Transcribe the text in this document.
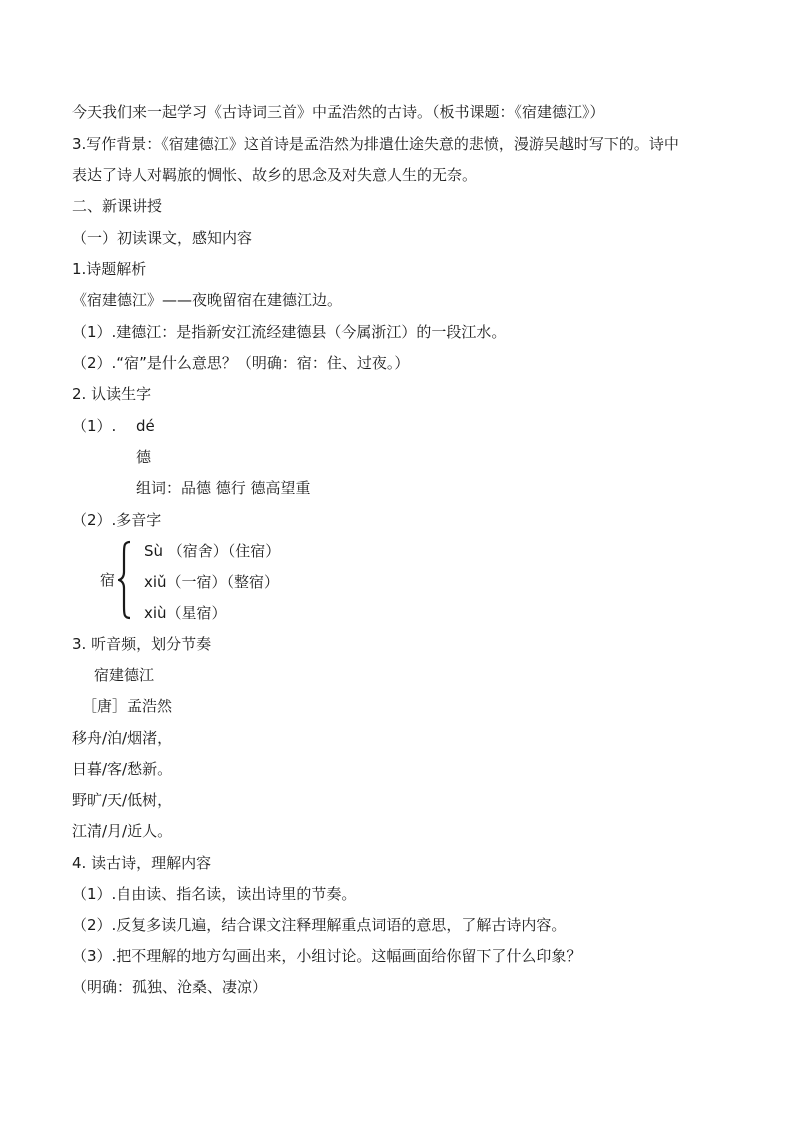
今天我们来一起学习《古诗词三首》中孟浩然的古诗。（板书课题：《宿建德江》）
3.写作背景：《宿建德江》这首诗是孟浩然为排遣仕途失意的悲愤，漫游吴越时写下的。诗中
表达了诗人对羁旅的惆怅、故乡的思念及对失意人生的无奈。
二、新课讲授
（一）初读课文，感知内容
1.诗题解析
《宿建德江》——夜晚留宿在建德江边。
（1）.建德江：是指新安江流经建德县（今属浙江）的一段江水。
（2）.“宿”是什么意思？（明确：宿：住、过夜。）
2. 认读生字
（1）. dé
德
组词：品德 德行 德高望重
（2）.多音字
宿
Sù （宿舍）（住宿）
xiǔ（一宿）（整宿）
xiù（星宿）
3. 听音频，划分节奏
宿建德江
［唐］孟浩然
移舟/泊/烟渚，
日暮/客/愁新。
野旷/天/低树，
江清/月/近人。
4. 读古诗，理解内容
（1）.自由读、指名读，读出诗里的节奏。
（2）.反复多读几遍，结合课文注释理解重点词语的意思，了解古诗内容。
（3）.把不理解的地方勾画出来，小组讨论。这幅画面给你留下了什么印象？
（明确：孤独、沧桑、凄凉）
